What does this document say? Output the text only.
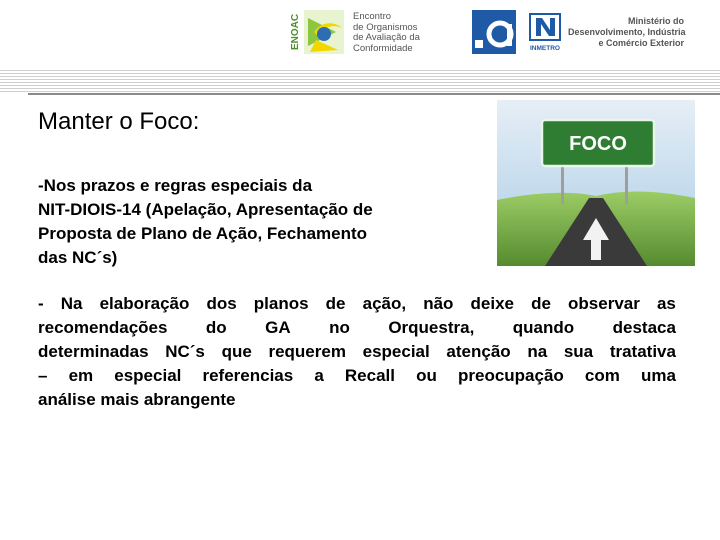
ENOAC	Encontro
de Organismos
de Avaliação da
Conformidade	INMETRO
Ministério do
Desenvolvimento, Indústria
e Comércio Exterior
Manter o Foco:
-Nos prazos e regras especiais da
NIT-DIOIS-14 (Apelação, Apresentação de
Proposta de Plano de Ação, Fechamento
das NC´s)
FOCO
- Na elaboração dos planos de ação, não deixe de observar as
recomendações do GA no Orquestra, quando destaca
determinadas NC´s que requerem especial atenção na sua tratativa
– em especial referencias a Recall ou preocupação com uma
análise mais abrangente
